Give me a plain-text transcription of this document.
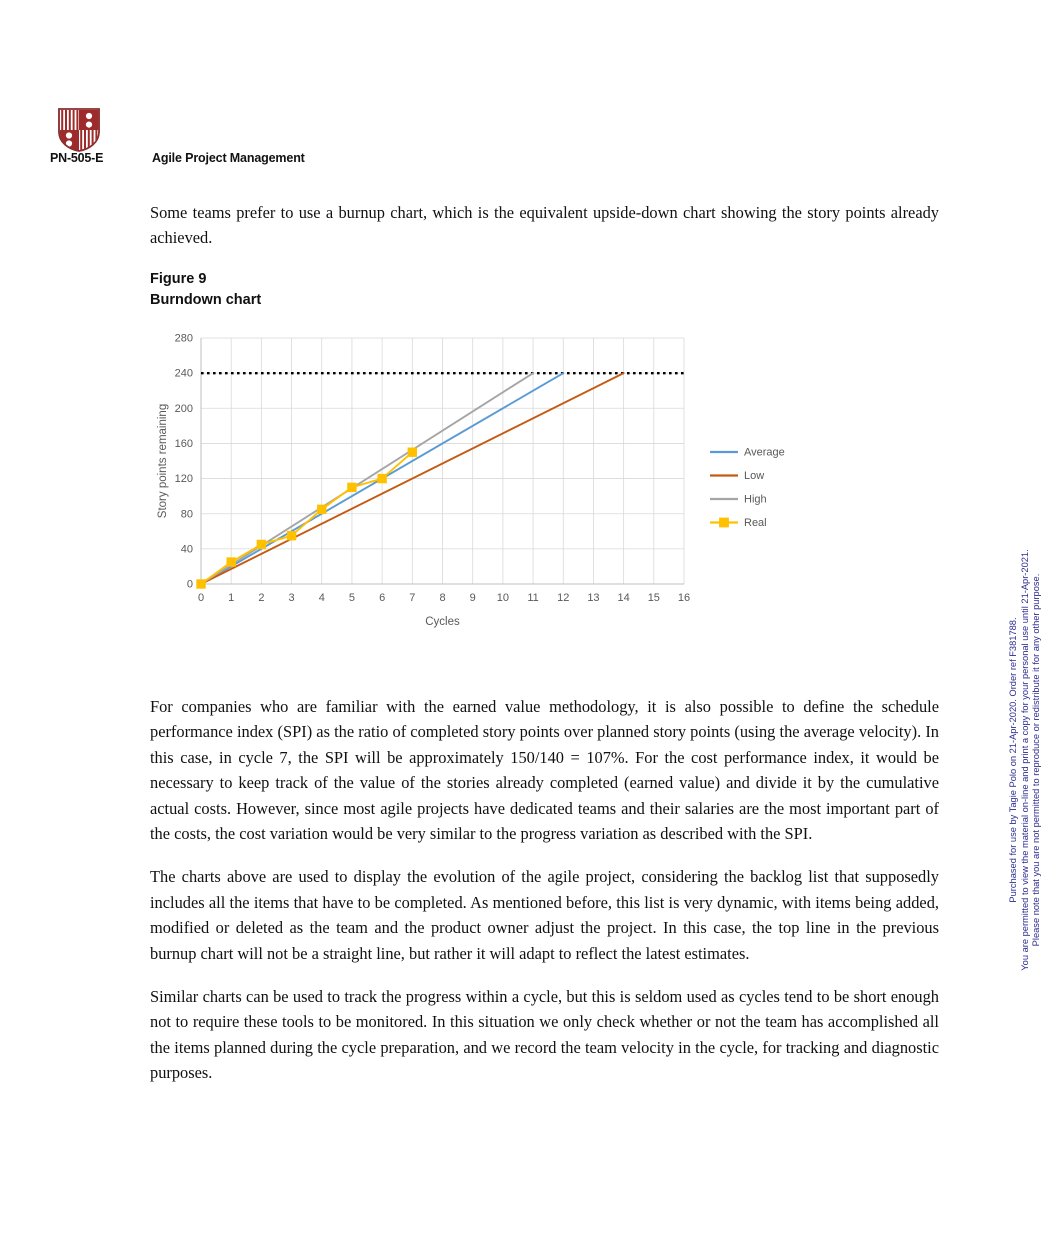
PN-505-E	Agile Project Management

Some teams prefer to use a burnup chart, which is the equivalent upside-down chart showing the story points already achieved.

Figure 9
Burndown chart
0
40
80
120
160
200
240
280
0 1 2 3 4 5 6 7 8 9 10 11 12 13 14 15 16
Story points remaining
Cycles
Average
Low
High
Real

For companies who are familiar with the earned value methodology, it is also possible to define the schedule performance index (SPI) as the ratio of completed story points over planned story points (using the average velocity). In this case, in cycle 7, the SPI will be approximately 150/140 = 107%. For the cost performance index, it would be necessary to keep track of the value of the stories already completed (earned value) and divide it by the cumulative actual costs. However, since most agile projects have dedicated teams and their salaries are the most important part of the costs, the cost variation would be very similar to the progress variation as described with the SPI.

The charts above are used to display the evolution of the agile project, considering the backlog list that supposedly includes all the items that have to be completed. As mentioned before, this list is very dynamic, with items being added, modified or deleted as the team and the product owner adjust the project. In this case, the top line in the previous burnup chart will not be a straight line, but rather it will adapt to reflect the latest estimates.

Similar charts can be used to track the progress within a cycle, but this is seldom used as cycles tend to be short enough not to require these tools to be monitored. In this situation we only check whether or not the team has accomplished all the items planned during the cycle preparation, and we record the team velocity in the cycle, for tracking and diagnostic purposes.

Purchased for use by Tagie Polo on 21-Apr-2020. Order ref F381788. You are permitted to view the material on-line and print a copy for your personal use until 21-Apr-2021. Please note that you are not permitted to reproduce or redistribute it for any other purpose.
